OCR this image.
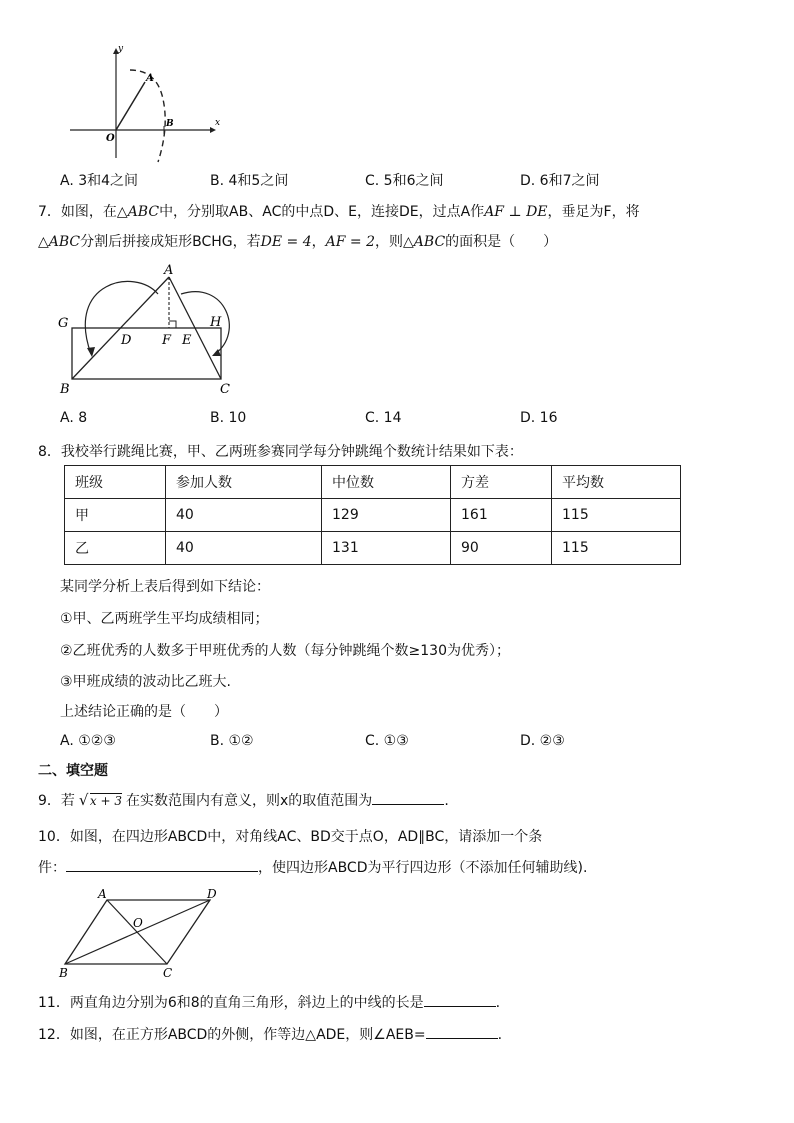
y
x
O
A
B
A. 3和4之间	B. 4和5之间	C. 5和6之间	D. 6和7之间
7．如图，在△ABC中，分别取AB、AC的中点D、E，连接DE，过点A作AF ⊥ DE，垂足为F，将
△ABC分割后拼接成矩形BCHG，若DE = 4，AF = 2，则△ABC的面积是（　　）
A
G	H
D F E
B	C
A. 8	B. 10	C. 14	D. 16
8．我校举行跳绳比赛，甲、乙两班参赛同学每分钟跳绳个数统计结果如下表：
班级	参加人数	中位数	方差	平均数
甲	40	129	161	115
乙	40	131	90	115
某同学分析上表后得到如下结论：
①甲、乙两班学生平均成绩相同；
②乙班优秀的人数多于甲班优秀的人数（每分钟跳绳个数≥130为优秀）；
③甲班成绩的波动比乙班大.
上述结论正确的是（　　）
A. ①②③	B. ①②	C. ①③	D. ②③
二、填空题
9．若 √ x + 3 在实数范围内有意义，则x的取值范围为	.
10．如图，在四边形ABCD中，对角线AC、BD交于点O，AD∥BC，请添加一个条
件：	，使四边形ABCD为平行四边形（不添加任何辅助线).
A	D
O
B	C
11．两直角边分别为6和8的直角三角形，斜边上的中线的长是	.
12．如图，在正方形ABCD的外侧，作等边△ADE，则∠AEB=	.
